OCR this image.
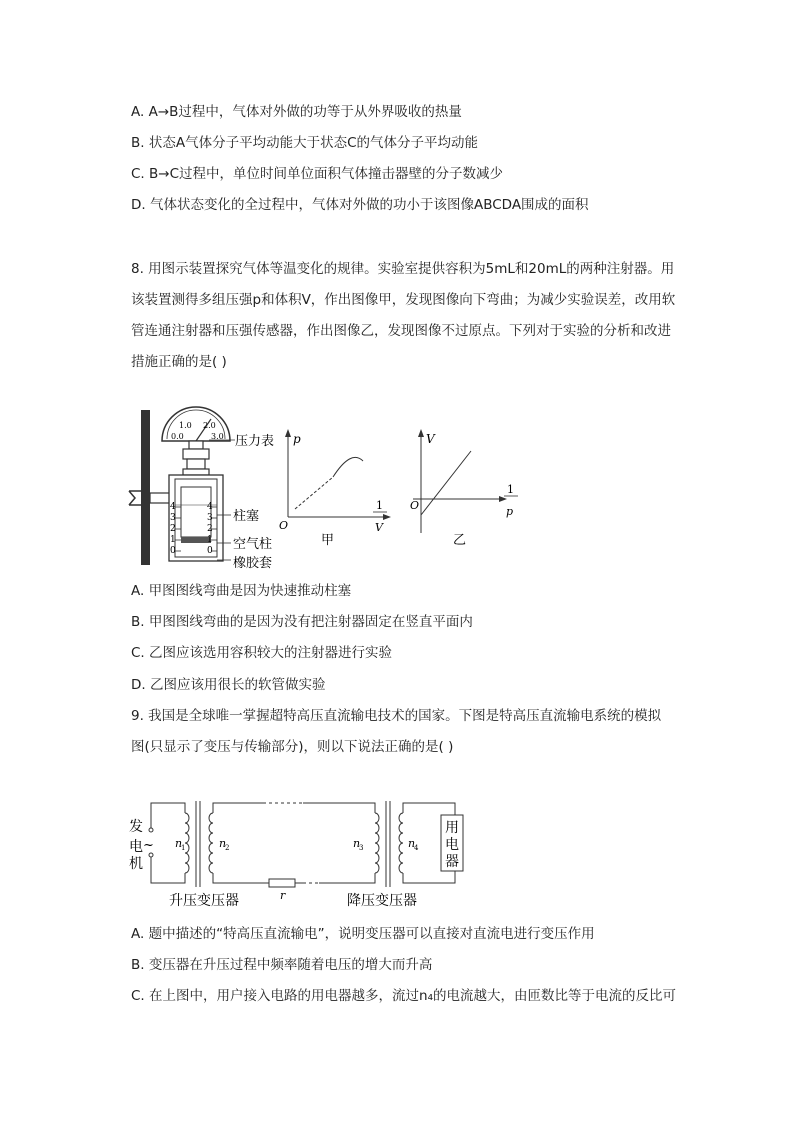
A. A→B过程中，气体对外做的功等于从外界吸收的热量
B. 状态A气体分子平均动能大于状态C的气体分子平均动能
C. B→C过程中，单位时间单位面积气体撞击器壁的分子数减少
D. 气体状态变化的全过程中，气体对外做的功小于该图像ABCDA围成的面积
8. 用图示装置探究气体等温变化的规律。实验室提供容积为5mL和20mL的两种注射器。用
该装置测得多组压强p和体积V，作出图像甲，发现图像向下弯曲；为减少实验误差，改用软
管连通注射器和压强传感器，作出图像乙，发现图像不过原点。下列对于实验的分析和改进
措施正确的是( )
1.0 2.0
0.0	3.0 压力表
4
3
2
1
0
4
3
2
1
0
柱塞
空气柱
橡胶套
p
O
1
V
甲
V
O
1
p
乙
A. 甲图图线弯曲是因为快速推动柱塞
B. 甲图图线弯曲的是因为没有把注射器固定在竖直平面内
C. 乙图应该选用容积较大的注射器进行实验
D. 乙图应该用很长的软管做实验
9. 我国是全球唯一掌握超特高压直流输电技术的国家。下图是特高压直流输电系统的模拟
图(只显示了变压与传输部分)，则以下说法正确的是( )
发
电 ~
机
n
1	n
2
r
n
3	n
4
用
电
器
升压变压器	降压变压器
A. 题中描述的“特高压直流输电”，说明变压器可以直接对直流电进行变压作用
B. 变压器在升压过程中频率随着电压的增大而升高
C. 在上图中，用户接入电路的用电器越多，流过n₄的电流越大，由匝数比等于电流的反比可
